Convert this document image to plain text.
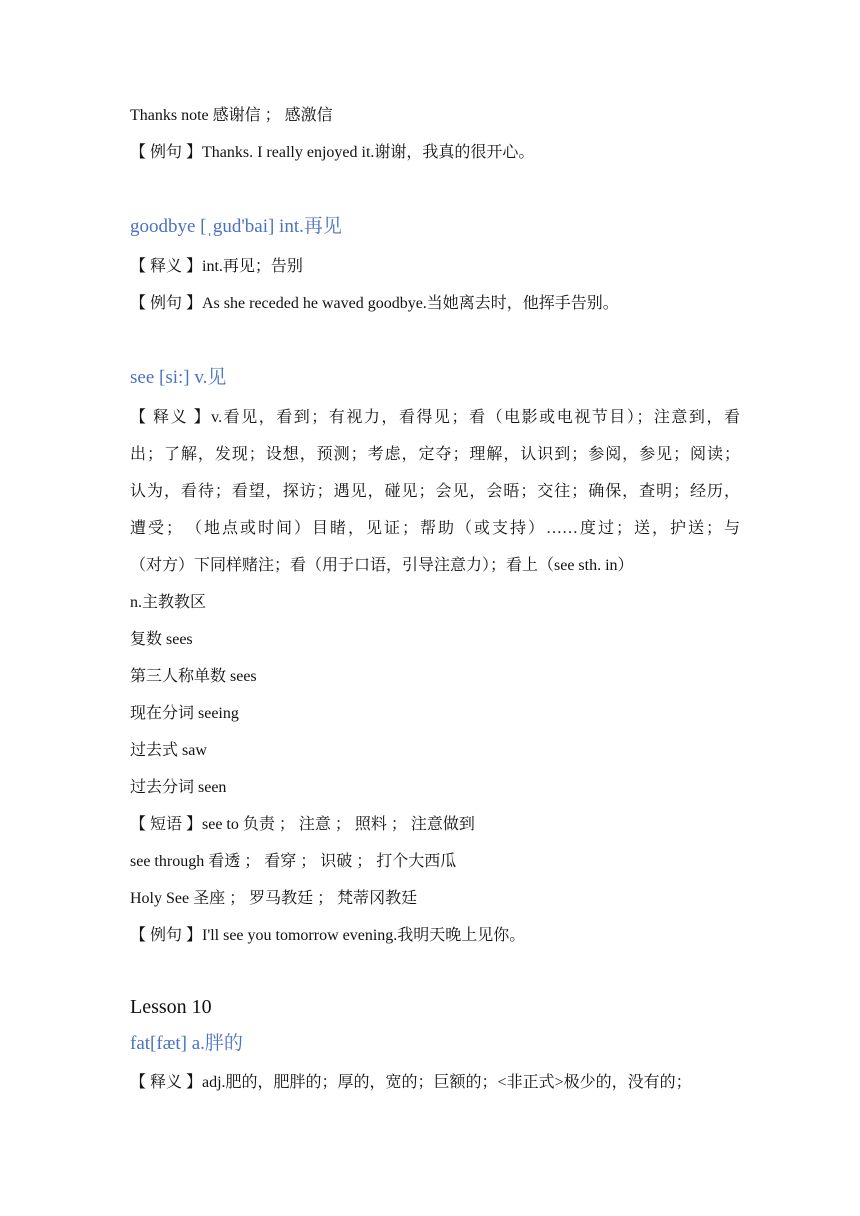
Thanks note 感谢信 ； 感激信
【 例句 】Thanks. I really enjoyed it.谢谢，我真的很开心。
goodbye [ˌgud'bai] int.再见
【 释义 】int.再见；告别
【 例句 】As she receded he waved goodbye.当她离去时，他挥手告别。
see [si:] v.见
【 释义 】v.看见，看到；有视力，看得见；看（电影或电视节目）；注意到，看
出；了解，发现；设想，预测；考虑，定夺；理解，认识到；参阅，参见；阅读；
认为，看待；看望，探访；遇见，碰见；会见，会晤；交往；确保，查明；经历，
遭受；　（地点或时间）目睹，见证；帮助（或支持）……度过；送，护送；与
（对方）下同样赌注；看（用于口语，引导注意力）；看上（see sth. in）
n.主教教区
复数 sees
第三人称单数 sees
现在分词 seeing
过去式 saw
过去分词 seen
【 短语 】see to 负责 ； 注意 ； 照料 ； 注意做到
see through 看透 ； 看穿 ； 识破 ； 打个大西瓜
Holy See 圣座 ； 罗马教廷 ； 梵蒂冈教廷
【 例句 】I'll see you tomorrow evening.我明天晚上见你。
Lesson 10
fat[fæt] a.胖的
【 释义 】adj.肥的，肥胖的；厚的，宽的；巨额的；<非正式>极少的，没有的；
